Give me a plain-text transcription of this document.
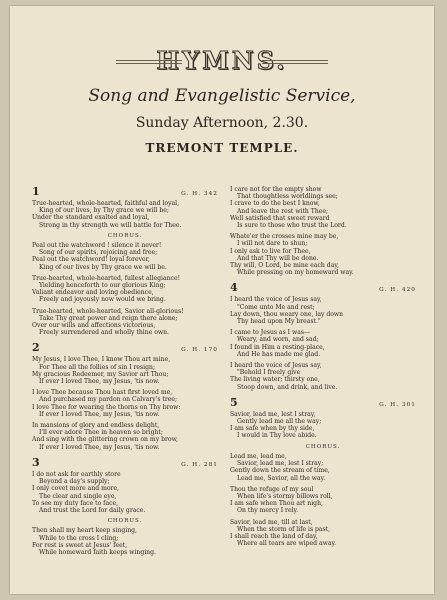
HYMNS.
Song and Evangelistic Service,
Sunday Afternoon, 2.30.
TREMONT TEMPLE.
1	G. H. 342
True-hearted, whole-hearted, faithful and loyal,
King of our lives, by Thy grace we will be;
Under the standard exalted and loyal,
Strong in thy strength we will battle for Thee.
CHORUS.
Peal out the watchword ! silence it never!
Song of our spirits, rejoicing and free;
Peal out the watchword! loyal forever,
King of our lives by Thy grace we will be.
True-hearted, whole-hearted, fullest allegiance!
Yielding henceforth to our glorious King;
Valiant endeavor and loving obedience,
Freely and joyously now would we bring.
True-hearted, whole-hearted, Savior all-glorious!
Take Thy great power and reign there alone;
Over our wills and affections victorious,
Freely surrendered and wholly thine own.
2	G. H. 170
My Jesus, I love Thee, I know Thou art mine,
For Thee all the follies of sin I resign;
My gracious Redeemer, my Savior art Thou;
If ever I loved Thee, my Jesus, 'tis now.
I love Thee because Thou hast first loved me,
And purchased my pardon on Calvary's tree;
I love Thee for wearing the thorns on Thy brow:
If ever I loved Thee, my Jesus, 'tis now.
In mansions of glory and endless delight,
I'll ever adore Thee in heaven so bright;
And sing with the glittering crown on my brow,
If ever I loved Thee, my Jesus, 'tis now.
3	G. H. 281
I do not ask for earthly store
Beyond a day's supply;
I only covet more and more,
The clear and single eye,
To see my duty face to face,
And trust the Lord for daily grace.
CHORUS.
Then shall my heart keep singing,
While to the cross I cling;
For rest is sweet at Jesus' feet,
While homeward faith keeps winging.
I care not for the empty show
That thoughtless worldlings see;
I crave to do the best I know,
And leave the rest with Thee;
Well satisfied that sweet reward
Is sure to those who trust the Lord.
Whate'er the crosses mine may be,
I will not dare to shun;
I only ask to live for Thee,
And that Thy will be done.
Thy will, O Lord, be mine each day,
While pressing on my homeward way.
4	G. H. 420
I heard the voice of Jesus say,
"Come unto Me and rest;
Lay down, thou weary one, lay down
Thy head upon My breast."
I came to Jesus as I was—
Weary, and worn, and sad;
I found in Him a resting-place,
And He has made me glad.
I heard the voice of Jesus say,
"Behold I freely give
The living water; thirsty one,
Stoop down, and drink, and live.
5	G. H. 301
Savior, lead me, lest I stray,
Gently lead me all the way;
I am safe when by thy side,
I would in Thy love abide.
CHORUS.
Lead me, lead me,
Savior, lead me, lest I stray;
Gently down the stream of time,
Lead me, Savior, all the way.
Thou the refuge of my soul
When life's stormy billows roll,
I am safe when Thou art nigh,
On thy mercy I rely.
Savior, lead me, till at last,
When the storm of life is past,
I shall reach the land of day,
Where all tears are wiped away.
